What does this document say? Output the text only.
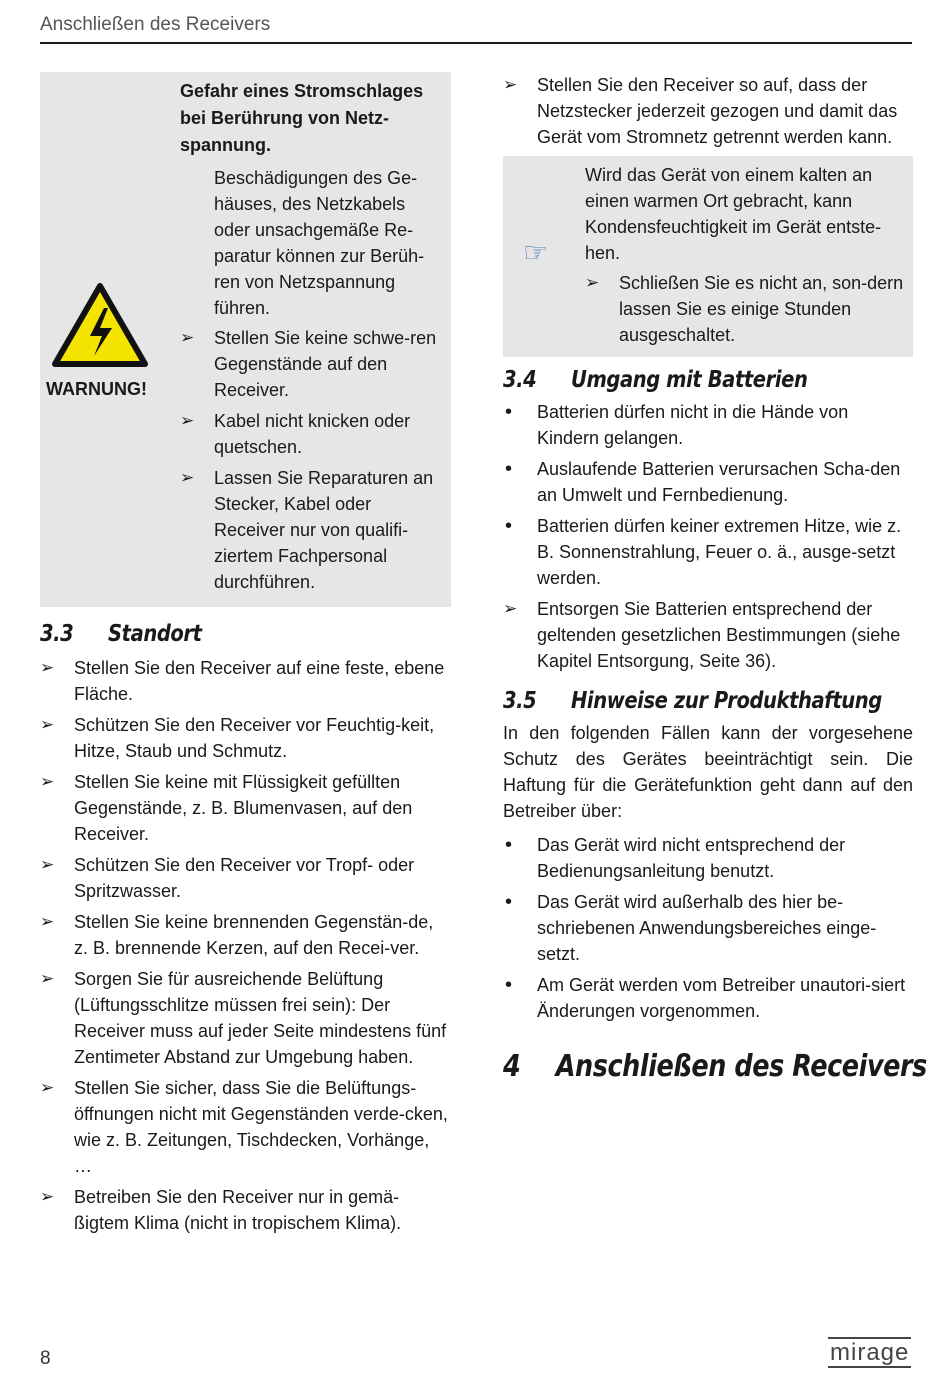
Anschließen des Receivers
WARNUNG!

Gefahr eines Stromschlages bei Berührung von Netz-spannung.

Beschädigungen des Ge-häuses, des Netzkabels oder unsachgemäße Re-paratur können zur Berüh-ren von Netzspannung führen.

➢ Stellen Sie keine schwe-ren Gegenstände auf den Receiver.
➢ Kabel nicht knicken oder quetschen.
➢ Lassen Sie Reparaturen an Stecker, Kabel oder Receiver nur von qualifi-ziertem Fachpersonal durchführen.
3.3 Standort
➢ Stellen Sie den Receiver auf eine feste, ebene Fläche.
➢ Schützen Sie den Receiver vor Feuchtig-keit, Hitze, Staub und Schmutz.
➢ Stellen Sie keine mit Flüssigkeit gefüllten Gegenstände, z. B. Blumenvasen, auf den Receiver.
➢ Schützen Sie den Receiver vor Tropf- oder Spritzwasser.
➢ Stellen Sie keine brennenden Gegenstän-de, z. B. brennende Kerzen, auf den Recei-ver.
➢ Sorgen Sie für ausreichende Belüftung (Lüftungsschlitze müssen frei sein): Der Receiver muss auf jeder Seite mindestens fünf Zentimeter Abstand zur Umgebung haben.
➢ Stellen Sie sicher, dass Sie die Belüftungs-öffnungen nicht mit Gegenständen verde-cken, wie z. B. Zeitungen, Tischdecken, Vorhänge, …
➢ Betreiben Sie den Receiver nur in gemä-ßigtem Klima (nicht in tropischem Klima).
➢ Stellen Sie den Receiver so auf, dass der Netzstecker jederzeit gezogen und damit das Gerät vom Stromnetz getrennt werden kann.
☞

Wird das Gerät von einem kalten an einen warmen Ort gebracht, kann Kondensfeuchtigkeit im Gerät entste-hen.

➢ Schließen Sie es nicht an, son-dern lassen Sie es einige Stunden ausgeschaltet.
3.4 Umgang mit Batterien
• Batterien dürfen nicht in die Hände von Kindern gelangen.
• Auslaufende Batterien verursachen Scha-den an Umwelt und Fernbedienung.
• Batterien dürfen keiner extremen Hitze, wie z. B. Sonnenstrahlung, Feuer o. ä., ausge-setzt werden.
➢ Entsorgen Sie Batterien entsprechend der geltenden gesetzlichen Bestimmungen (siehe Kapitel Entsorgung, Seite 36).
3.5 Hinweise zur Produkthaftung

In den folgenden Fällen kann der vorgesehene Schutz des Gerätes beeinträchtigt sein. Die Haftung für die Gerätefunktion geht dann auf den Betreiber über:

• Das Gerät wird nicht entsprechend der Bedienungsanleitung benutzt.
• Das Gerät wird außerhalb des hier be-schriebenen Anwendungsbereiches einge-setzt.
• Am Gerät werden vom Betreiber unautori-siert Änderungen vorgenommen.
4 Anschließen des Receivers
8	mirage
